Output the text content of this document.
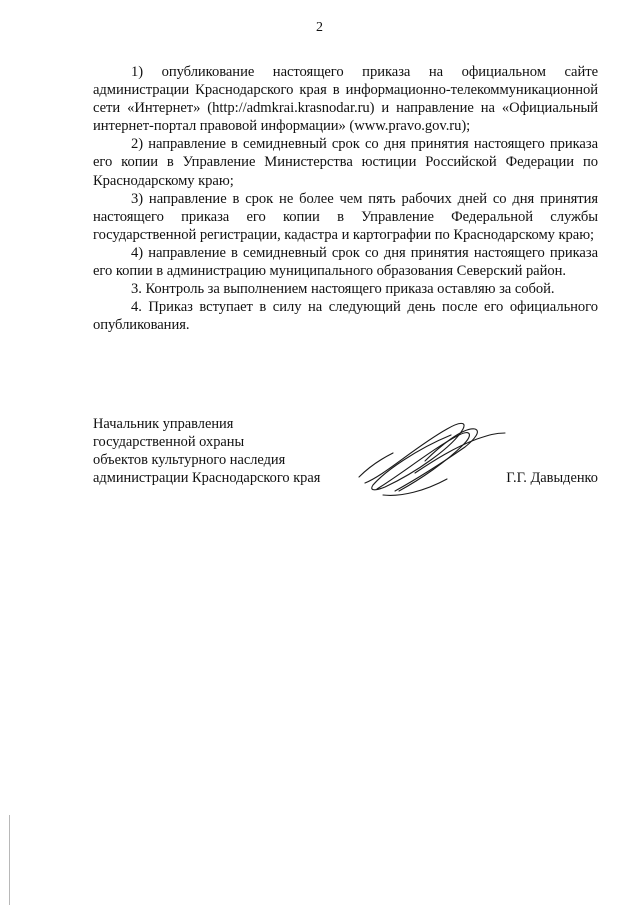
2

1) опубликование настоящего приказа на официальном сайте администрации Краснодарского края в информационно-телекоммуникационной сети «Интернет» (http://admkrai.krasnodar.ru) и направление на «Официальный интернет-портал правовой информации» (www.pravo.gov.ru);

2) направление в семидневный срок со дня принятия настоящего приказа его копии в Управление Министерства юстиции Российской Федерации по Краснодарскому краю;

3) направление в срок не более чем пять рабочих дней со дня принятия настоящего приказа его копии в Управление Федеральной службы государственной регистрации, кадастра и картографии по Краснодарскому краю;

4) направление в семидневный срок со дня принятия настоящего приказа его копии в администрацию муниципального образования Северский район.

3. Контроль за выполнением настоящего приказа оставляю за собой.

4. Приказ вступает в силу на следующий день после его официального опубликования.

Начальник управления
государственной охраны
объектов культурного наследия
администрации Краснодарского края	Г.Г. Давыденко
